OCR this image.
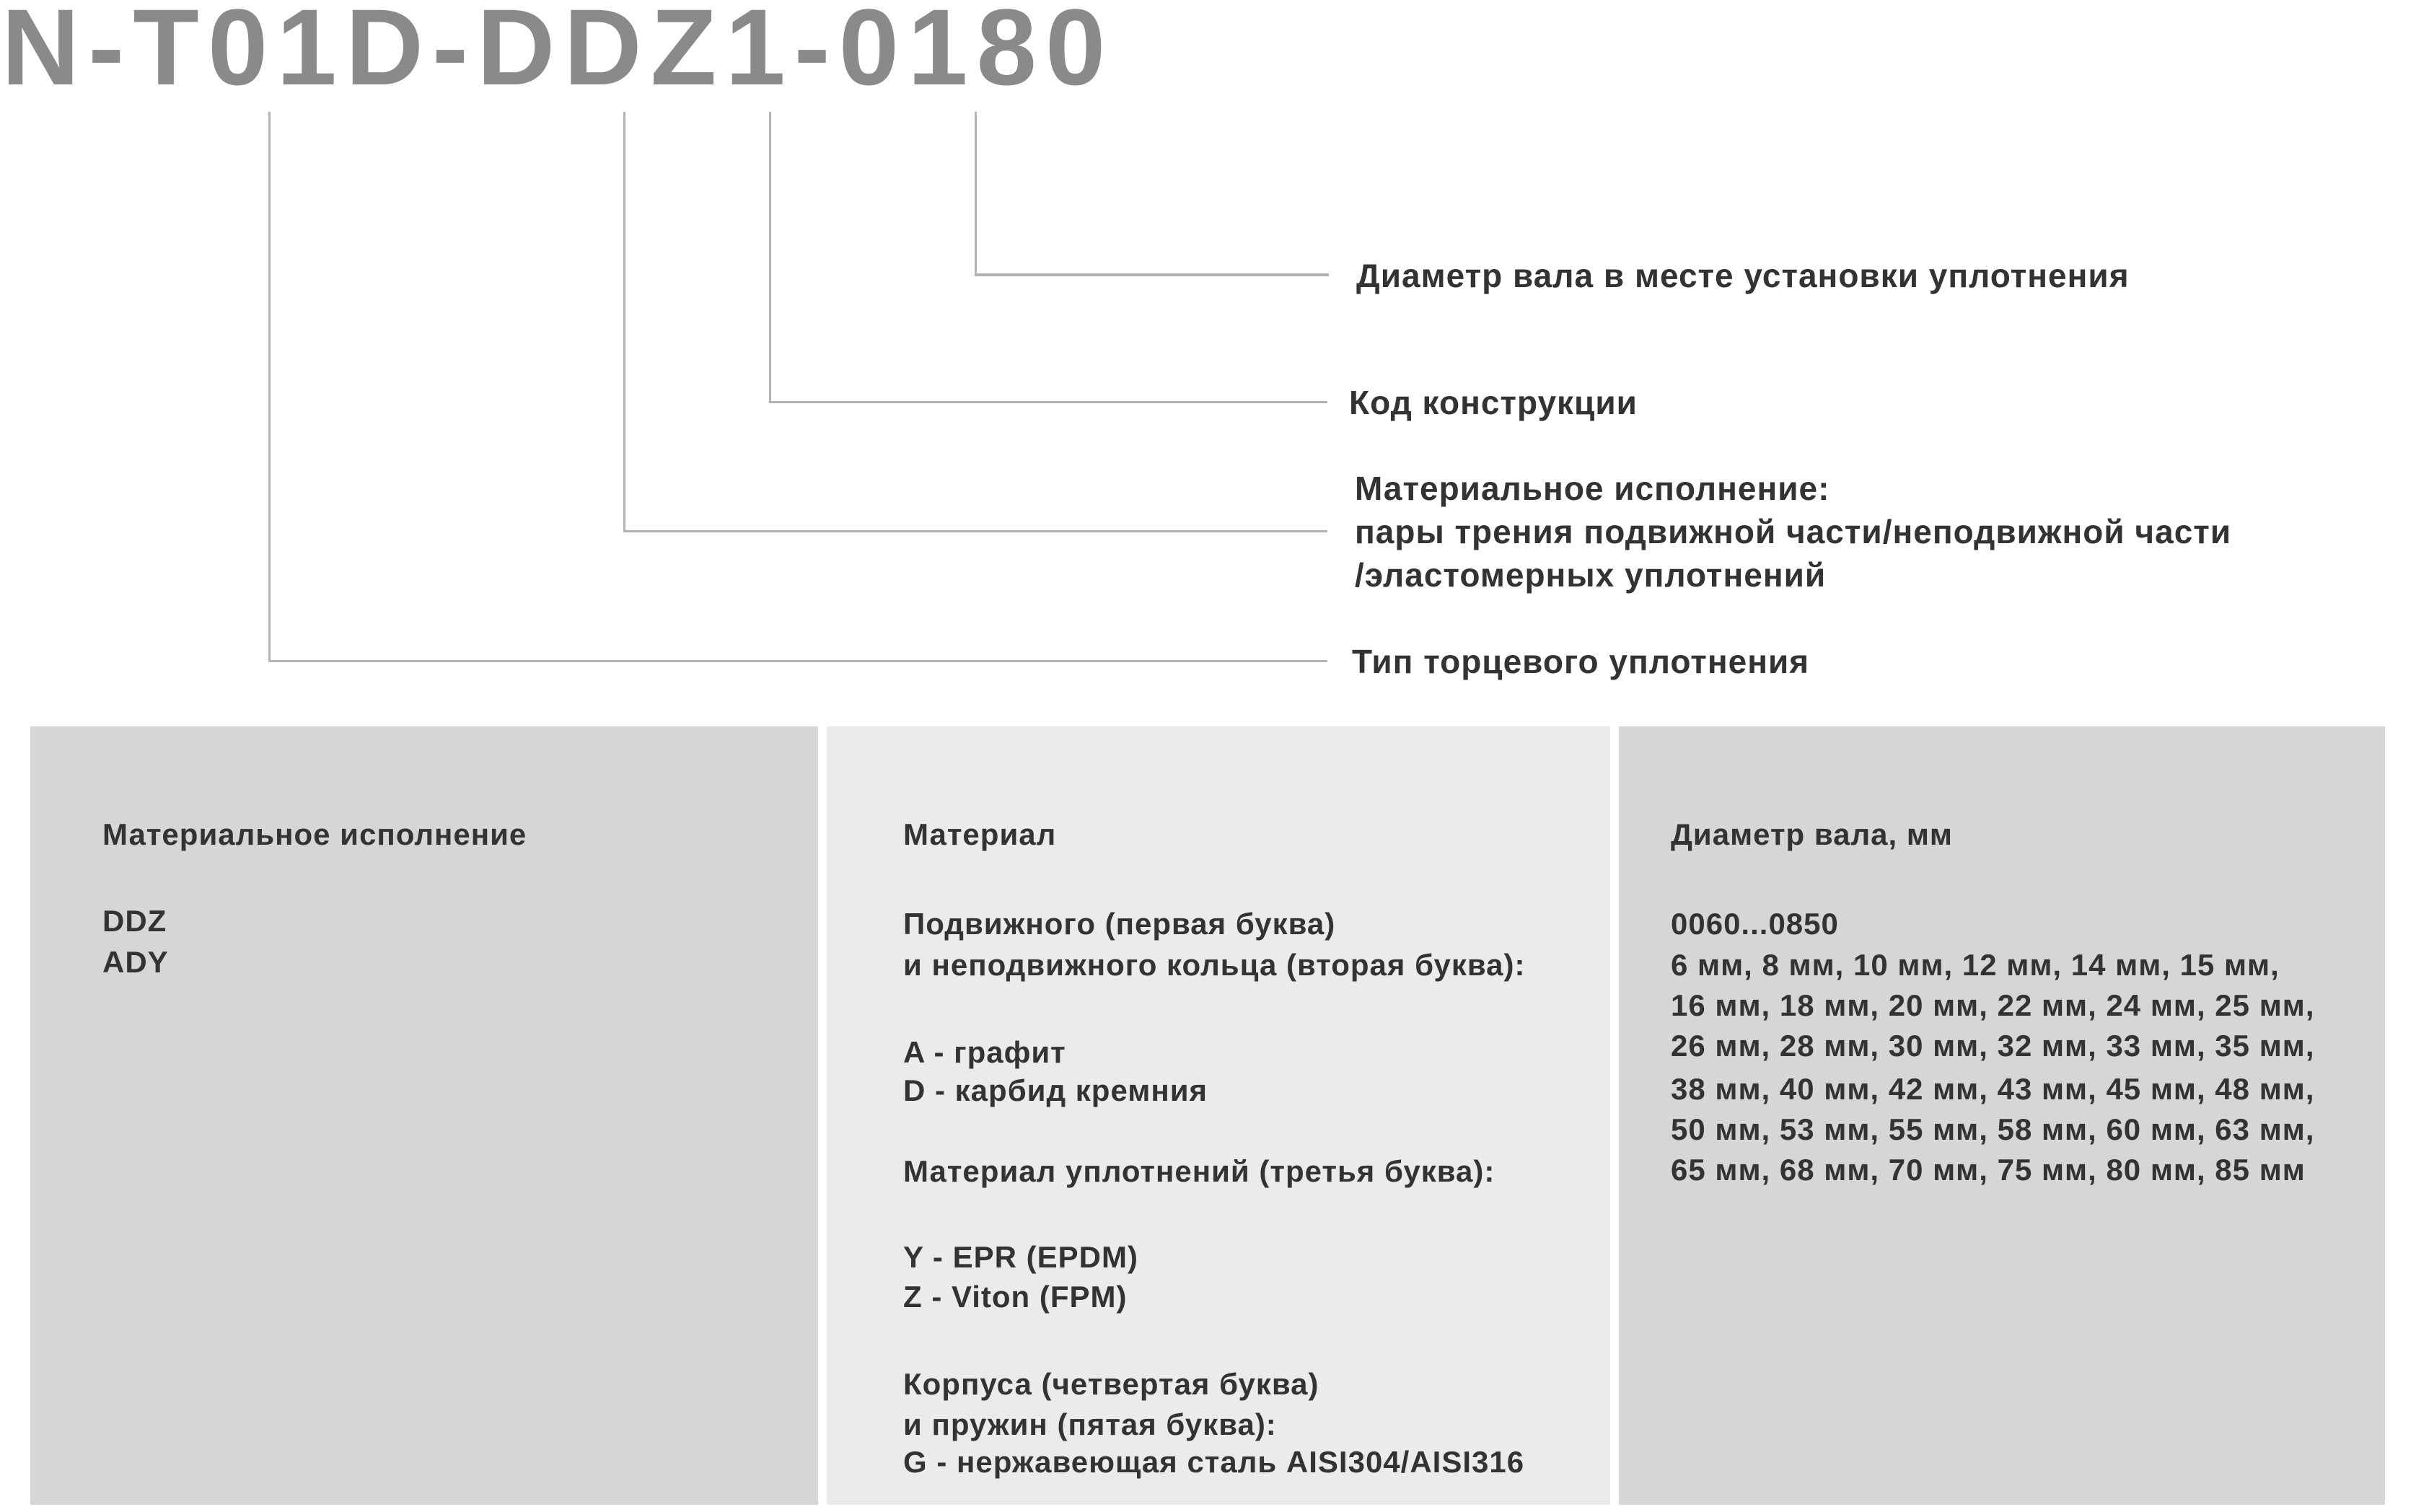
N-T01D-DDZ1-0180
Диаметр вала в месте установки уплотнения
Код конструкции
Материальное исполнение:
пары трения подвижной части/неподвижной части
/эластомерных уплотнений
Тип торцевого уплотнения
Материальное исполнение
DDZ
ADY
Материал
Подвижного (первая буква)
и неподвижного кольца (вторая буква):
A - графит
D - карбид кремния
Материал уплотнений (третья буква):
Y - EPR (EPDM)
Z - Viton (FPM)
Корпуса (четвертая буква)
и пружин (пятая буква):
G - нержавеющая сталь AISI304/AISI316
Диаметр вала, мм
0060...0850
6 мм, 8 мм, 10 мм, 12 мм, 14 мм, 15 мм,
16 мм, 18 мм, 20 мм, 22 мм, 24 мм, 25 мм,
26 мм, 28 мм, 30 мм, 32 мм, 33 мм, 35 мм,
38 мм, 40 мм, 42 мм, 43 мм, 45 мм, 48 мм,
50 мм, 53 мм, 55 мм, 58 мм, 60 мм, 63 мм,
65 мм, 68 мм, 70 мм, 75 мм, 80 мм, 85 мм
